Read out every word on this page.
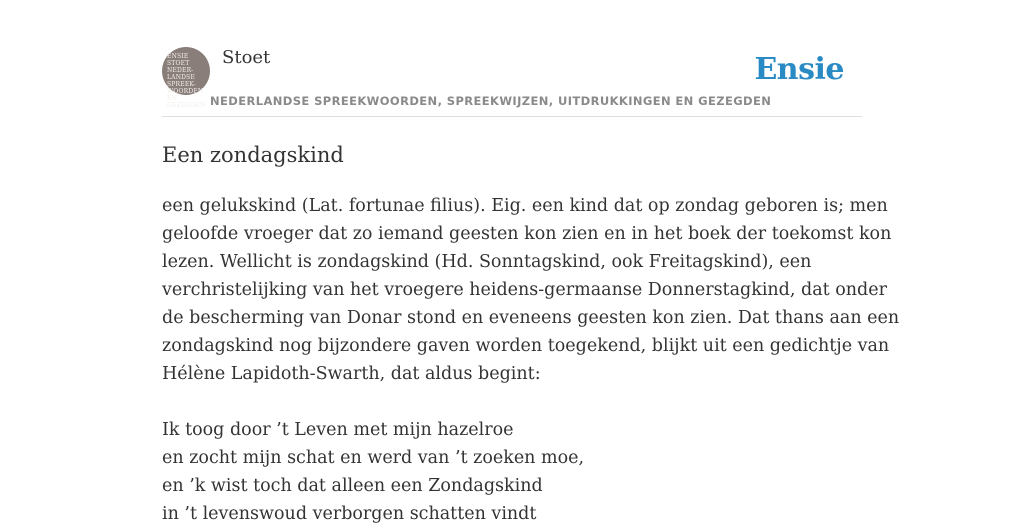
ENSIE STOET
NEDER-
LANDSE
SPREEK-
WOORDEN EN
GEZEGDEN
Stoet
NEDERLANDSE SPREEKWOORDEN, SPREEKWIJZEN, UITDRUKKINGEN EN GEZEGDEN
Ensie
Een zondagskind

een gelukskind (Lat. fortunae filius). Eig. een kind dat op zondag geboren is; men
geloofde vroeger dat zo iemand geesten kon zien en in het boek der toekomst kon
lezen. Wellicht is zondagskind (Hd. Sonntagskind, ook Freitagskind), een
verchristelijking van het vroegere heidens-germaanse Donnerstagkind, dat onder
de bescherming van Donar stond en eveneens geesten kon zien. Dat thans aan een
zondagskind nog bijzondere gaven worden toegekend, blijkt uit een gedichtje van
Hélène Lapidoth-Swarth, dat aldus begint:

Ik toog door ’t Leven met mijn hazelroe
en zocht mijn schat en werd van ’t zoeken moe,
en ’k wist toch dat alleen een Zondagskind
in ’t levenswoud verborgen schatten vindt
